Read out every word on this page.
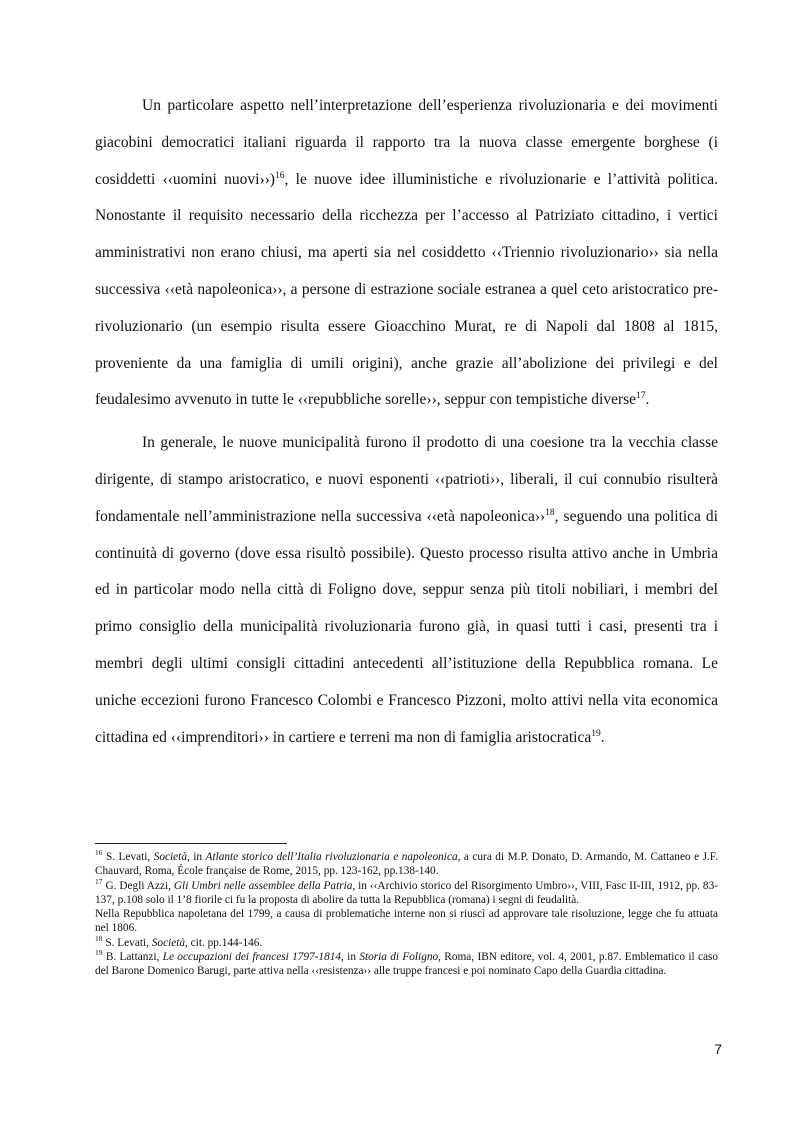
Un particolare aspetto nell’interpretazione dell’esperienza rivoluzionaria e dei movimenti giacobini democratici italiani riguarda il rapporto tra la nuova classe emergente borghese (i cosiddetti ‹‹uomini nuovi››)$^{16}$, le nuove idee illuministiche e rivoluzionarie e l’attività politica. Nonostante il requisito necessario della ricchezza per l’accesso al Patriziato cittadino, i vertici amministrativi non erano chiusi, ma aperti sia nel cosiddetto ‹‹Triennio rivoluzionario›› sia nella successiva ‹‹età napoleonica››, a persone di estrazione sociale estranea a quel ceto aristocratico pre-rivoluzionario (un esempio risulta essere Gioacchino Murat, re di Napoli dal 1808 al 1815, proveniente da una famiglia di umili origini), anche grazie all’abolizione dei privilegi e del feudalesimo avvenuto in tutte le ‹‹repubbliche sorelle››, seppur con tempistiche diverse$^{17}$.

In generale, le nuove municipalità furono il prodotto di una coesione tra la vecchia classe dirigente, di stampo aristocratico, e nuovi esponenti ‹‹patrioti››, liberali, il cui connubio risulterà fondamentale nell’amministrazione nella successiva ‹‹età napoleonica››$^{18}$, seguendo una politica di continuità di governo (dove essa risultò possibile). Questo processo risulta attivo anche in Umbria ed in particolar modo nella città di Foligno dove, seppur senza più titoli nobiliari, i membri del primo consiglio della municipalità rivoluzionaria furono già, in quasi tutti i casi, presenti tra i membri degli ultimi consigli cittadini antecedenti all’istituzione della Repubblica romana. Le uniche eccezioni furono Francesco Colombi e Francesco Pizzoni, molto attivi nella vita economica cittadina ed ‹‹imprenditori›› in cartiere e terreni ma non di famiglia aristocratica$^{19}$.

$^{16}$ S. Levati, Società, in Atlante storico dell’Italia rivoluzionaria e napoleonica, a cura di M.P. Donato, D. Armando, M. Cattaneo e J.F. Chauvard, Roma, École française de Rome, 2015, pp. 123-162, pp.138-140.

$^{17}$ G. Degli Azzi, Gli Umbri nelle assemblee della Patria, in ‹‹Archivio storico del Risorgimento Umbro››, VIII, Fasc II-III, 1912, pp. 83-137, p.108 solo il 1’8 fiorile ci fu la proposta di abolire da tutta la Repubblica (romana) i segni di feudalità.

Nella Repubblica napoletana del 1799, a causa di problematiche interne non si riuscì ad approvare tale risoluzione, legge che fu attuata nel 1806.

$^{18}$ S. Levati, Società, cit. pp.144-146.

$^{19}$ B. Lattanzi, Le occupazioni dei francesi 1797-1814, in Storia di Foligno, Roma, IBN editore, vol. 4, 2001, p.87. Emblematico il caso del Barone Domenico Barugi, parte attiva nella ‹‹resistenza›› alle truppe francesi e poi nominato Capo della Guardia cittadina.

7
